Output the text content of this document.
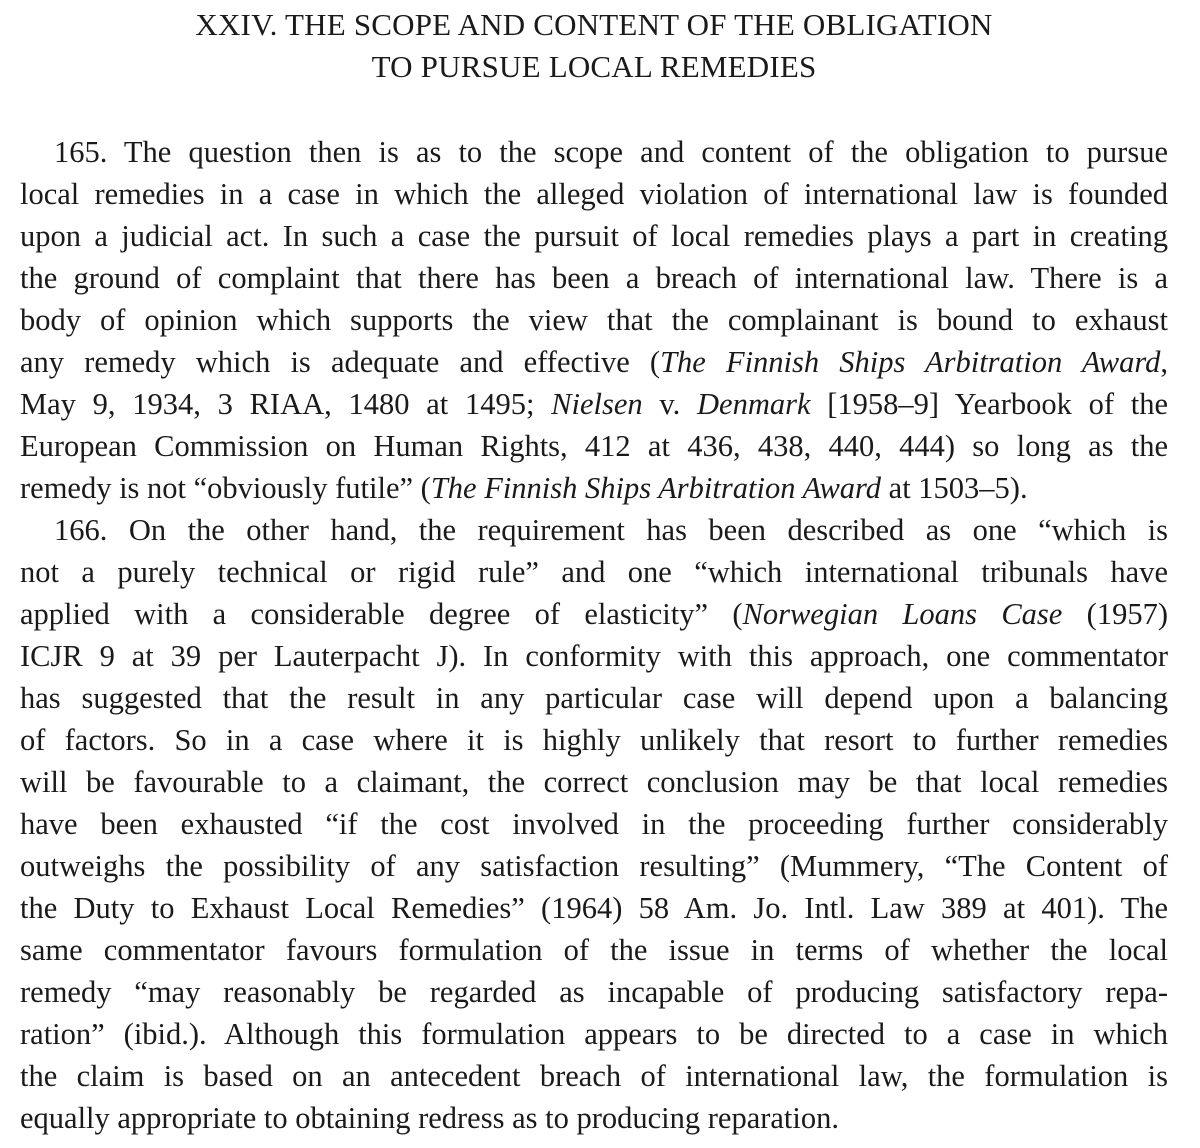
XXIV. THE SCOPE AND CONTENT OF THE OBLIGATION
TO PURSUE LOCAL REMEDIES
165. The question then is as to the scope and content of the obligation to pursue
local remedies in a case in which the alleged violation of international law is founded
upon a judicial act. In such a case the pursuit of local remedies plays a part in creating
the ground of complaint that there has been a breach of international law. There is a
body of opinion which supports the view that the complainant is bound to exhaust
any remedy which is adequate and effective (The Finnish Ships Arbitration Award,
May 9, 1934, 3 RIAA, 1480 at 1495; Nielsen v. Denmark [1958–9] Yearbook of the
European Commission on Human Rights, 412 at 436, 438, 440, 444) so long as the
remedy is not “obviously futile” (The Finnish Ships Arbitration Award at 1503–5).
166. On the other hand, the requirement has been described as one “which is
not a purely technical or rigid rule” and one “which international tribunals have
applied with a considerable degree of elasticity” (Norwegian Loans Case (1957)
ICJR 9 at 39 per Lauterpacht J). In conformity with this approach, one commentator
has suggested that the result in any particular case will depend upon a balancing
of factors. So in a case where it is highly unlikely that resort to further remedies
will be favourable to a claimant, the correct conclusion may be that local remedies
have been exhausted “if the cost involved in the proceeding further considerably
outweighs the possibility of any satisfaction resulting” (Mummery, “The Content of
the Duty to Exhaust Local Remedies” (1964) 58 Am. Jo. Intl. Law 389 at 401). The
same commentator favours formulation of the issue in terms of whether the local
remedy “may reasonably be regarded as incapable of producing satisfactory repa-
ration” (ibid.). Although this formulation appears to be directed to a case in which
the claim is based on an antecedent breach of international law, the formulation is
equally appropriate to obtaining redress as to producing reparation.
